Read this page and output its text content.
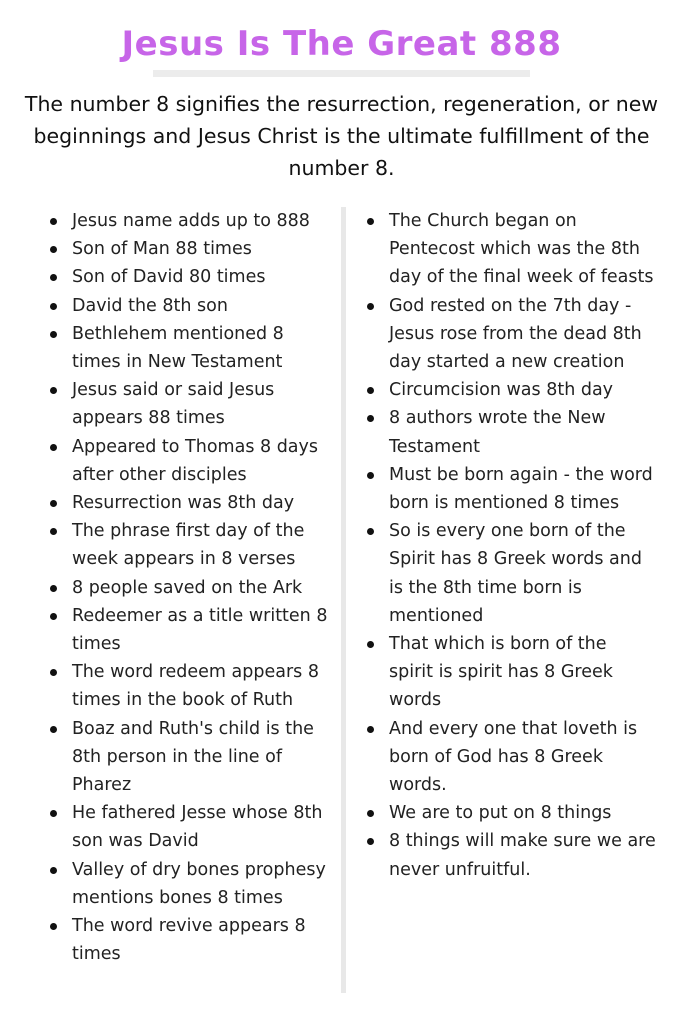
Jesus Is The Great 888
The number 8 signifies the resurrection, regeneration, or new beginnings and Jesus Christ is the ultimate fulfillment of the number 8.
Jesus name adds up to 888
Son of Man 88 times
Son of David 80 times
David the 8th son
Bethlehem mentioned 8 times in New Testament
Jesus said or said Jesus appears 88 times
Appeared to Thomas 8 days after other disciples
Resurrection was 8th day
The phrase first day of the week appears in 8 verses
8 people saved on the Ark
Redeemer as a title written 8 times
The word redeem appears 8 times in the book of Ruth
Boaz and Ruth's child is the 8th person in the line of Pharez
He fathered Jesse whose 8th son was David
Valley of dry bones prophesy mentions bones 8 times
The word revive appears 8 times
The Church began on Pentecost which was the 8th day of the final week of feasts
God rested on the 7th day - Jesus rose from the dead 8th day started a new creation
Circumcision was 8th day
8 authors wrote the New Testament
Must be born again - the word born is mentioned 8 times
So is every one born of the Spirit has 8 Greek words and is the 8th time born is mentioned
That which is born of the spirit is spirit has 8 Greek words
And every one that loveth is born of God has 8 Greek words.
We are to put on 8 things
8 things will make sure we are never unfruitful.
